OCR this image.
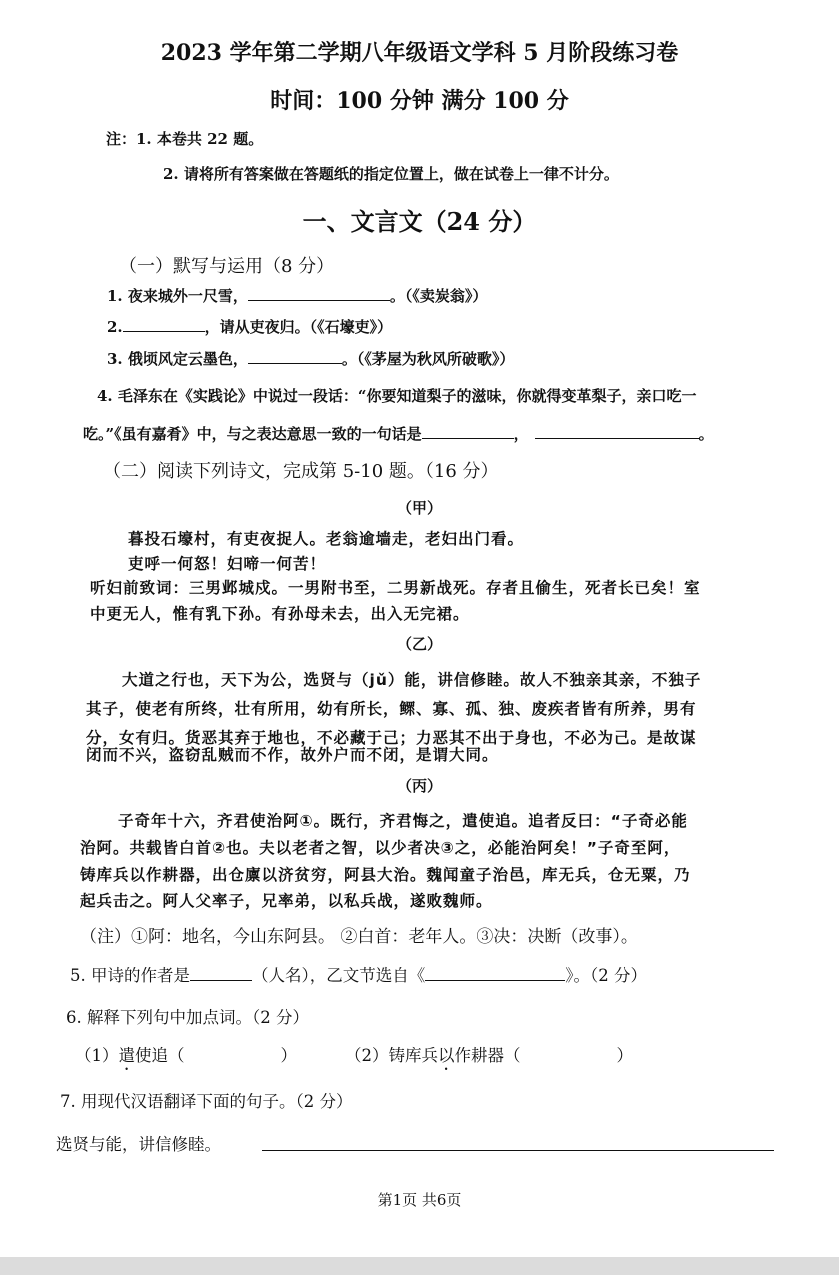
2023 学年第二学期八年级语文学科 5 月阶段练习卷
时间：100 分钟 满分 100 分
注：1. 本卷共 22 题。
2. 请将所有答案做在答题纸的指定位置上，做在试卷上一律不计分。
一、文言文（24 分）
（一）默写与运用（8 分）
1. 夜来城外一尺雪，	。（《卖炭翁》）
2.	，请从吏夜归。（《石壕吏》）
3. 俄顷风定云墨色，	。（《茅屋为秋风所破歌》）
4. 毛泽东在《实践论》中说过一段话：“你要知道梨子的滋味，你就得变革梨子，亲口吃一
吃。”《虽有嘉肴》中，与之表达意思一致的一句话是	，	。
（二）阅读下列诗文，完成第 5-10 题。（16 分）
（甲）
暮投石壕村，有吏夜捉人。老翁逾墙走，老妇出门看。
吏呼一何怒！妇啼一何苦！
听妇前致词：三男邺城戍。一男附书至，二男新战死。存者且偷生，死者长已矣！室
中更无人，惟有乳下孙。有孙母未去，出入无完裙。
（乙）
大道之行也，天下为公，选贤与（jǔ）能，讲信修睦。故人不独亲其亲，不独子
其子，使老有所终，壮有所用，幼有所长，鳏、寡、孤、独、废疾者皆有所养，男有
分，女有归。货恶其弃于地也，不必藏于己；力恶其不出于身也，不必为己。是故谋
闭而不兴，盗窃乱贼而不作，故外户而不闭，是谓大同。
（丙）
子奇年十六，齐君使治阿①。既行，齐君悔之，遣使追。追者反曰：“子奇必能
治阿。共载皆白首②也。夫以老者之智，以少者决③之，必能治阿矣！”子奇至阿，
铸库兵以作耕器，出仓廪以济贫穷，阿县大治。魏闻童子治邑，库无兵，仓无粟，乃
起兵击之。阿人父率子，兄率弟，以私兵战，遂败魏师。
（注）①阿：地名，今山东阿县。 ②白首：老年人。③决：决断（改事）。
5. 甲诗的作者是	（人名），乙文节选自《	》。（2 分）
6. 解释下列句中加点词。（2 分）
（1）遣使追（	）	（2）铸库兵以作耕器（	）
7. 用现代汉语翻译下面的句子。（2 分）
选贤与能，讲信修睦。
第1页 共6页
